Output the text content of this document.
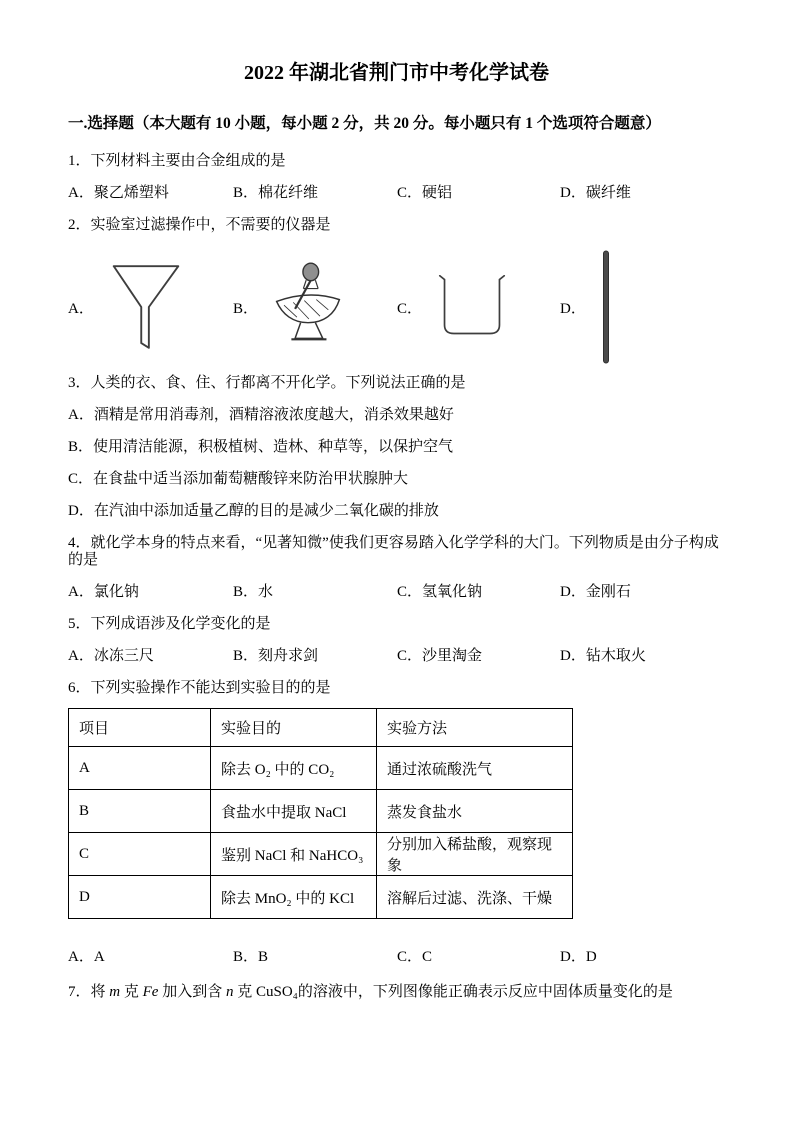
2022 年湖北省荆门市中考化学试卷
一.选择题（本大题有 10 小题，每小题 2 分，共 20 分。每小题只有 1 个选项符合题意）
1．下列材料主要由合金组成的是
A．聚乙烯塑料	B．棉花纤维	C．硬铝	D．碳纤维
2．实验室过滤操作中，不需要的仪器是
A．	B．	C．	D．
3．人类的衣、食、住、行都离不开化学。下列说法正确的是
A．酒精是常用消毒剂，酒精溶液浓度越大，消杀效果越好
B．使用清洁能源，积极植树、造林、种草等，以保护空气
C．在食盐中适当添加葡萄糖酸锌来防治甲状腺肿大
D．在汽油中添加适量乙醇的目的是减少二氧化碳的排放
4．就化学本身的特点来看，“见著知微”使我们更容易踏入化学学科的大门。下列物质是由分子构成的是
A．氯化钠	B．水	C．氢氧化钠	D．金刚石
5．下列成语涉及化学变化的是
A．冰冻三尺	B．刻舟求剑	C．沙里淘金	D．钻木取火
6．下列实验操作不能达到实验目的的是
项目	实验目的	实验方法
A	除去 O₂ 中的 CO₂	通过浓硫酸洗气
B	食盐水中提取 NaCl	蒸发食盐水
C	鉴别 NaCl 和 NaHCO₃	分别加入稀盐酸，观察现象
D	除去 MnO₂ 中的 KCl	溶解后过滤、洗涤、干燥
A．A	B．B	C．C	D．D
7．将 m 克 Fe 加入到含 n 克 CuSO₄的溶液中，下列图像能正确表示反应中固体质量变化的是
